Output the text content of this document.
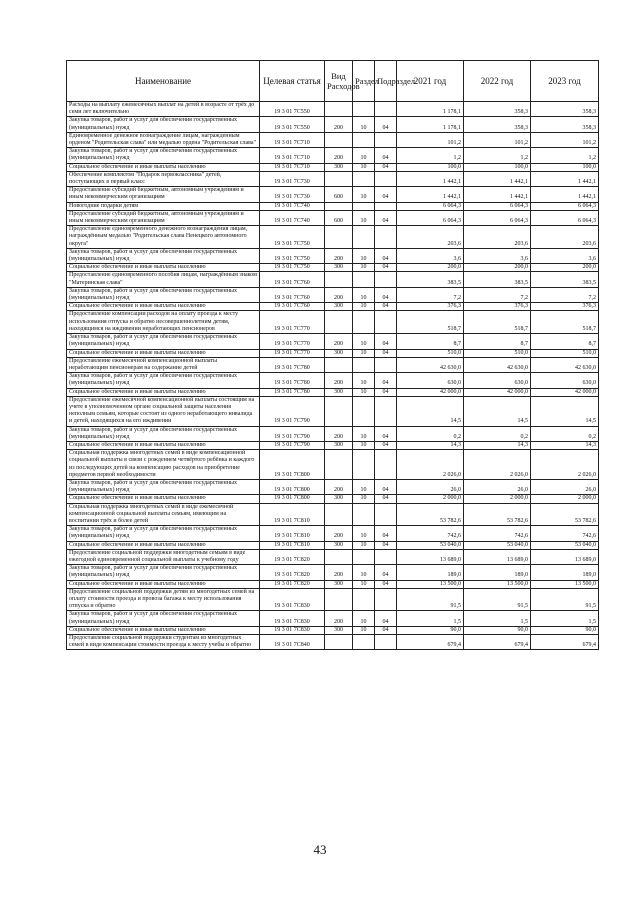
Наименование	Целевая статья	Вид Расходов	Раздел	Подраздел	2021 год	2022 год	2023 год
Расходы на выплату ежемесячных выплат на детей в возрасте от трёх до семи лет включительно	19 3 01 7С550				1 178,1	358,3	358,3
Закупка товаров, работ и услуг для обеспечения государственных (муниципальных) нужд	19 3 01 7С550	200	10	04	1 178,1	358,3	358,3
Единовременное денежное вознаграждение лицам, награжденным орденом "Родительская слава" или медалью ордена "Родительская слава"	19 3 01 7С710				101,2	101,2	101,2
Закупка товаров, работ и услуг для обеспечения государственных (муниципальных) нужд	19 3 01 7С710	200	10	04	1,2	1,2	1,2
Социальное обеспечение и иные выплаты населению	19 3 01 7С710	300	10	04	100,0	100,0	100,0
Обеспечение комплектом "Подарок первоклассника" детей, поступающих в первый класс	19 3 01 7С730				1 442,1	1 442,1	1 442,1
Предоставление субсидий бюджетным, автономным учреждениям и иным некоммерческим организациям	19 3 01 7С730	600	10	04	1 442,1	1 442,1	1 442,1
Новогодние подарки детям	19 3 01 7С740				6 064,3	6 064,3	6 064,3
Предоставление субсидий бюджетным, автономным учреждениям и иным некоммерческим организациям	19 3 01 7С740	600	10	04	6 064,3	6 064,3	6 064,3
Предоставление единовременного денежного вознаграждения лицам, награждённым медалью "Родительская слава Ненецкого автономного округа"	19 3 01 7С750				203,6	203,6	203,6
Закупка товаров, работ и услуг для обеспечения государственных (муниципальных) нужд	19 3 01 7С750	200	10	04	3,6	3,6	3,6
Социальное обеспечение и иные выплаты населению	19 3 01 7С750	300	10	04	200,0	200,0	200,0
Предоставление единовременного пособия лицам, награждённым знаком "Материнская слава"	19 3 01 7С760				383,5	383,5	383,5
Закупка товаров, работ и услуг для обеспечения государственных (муниципальных) нужд	19 3 01 7С760	200	10	04	7,2	7,2	7,2
Социальное обеспечение и иные выплаты населению	19 3 01 7С760	300	10	04	376,3	376,3	376,3
Предоставление компенсации расходов на оплату проезда к месту использования отпуска и обратно несовершеннолетним детям, находящимся на иждивении неработающих пенсионеров	19 3 01 7С770				518,7	518,7	518,7
Закупка товаров, работ и услуг для обеспечения государственных (муниципальных) нужд	19 3 01 7С770	200	10	04	8,7	8,7	8,7
Социальное обеспечение и иные выплаты населению	19 3 01 7С770	300	10	04	510,0	510,0	510,0
Предоставление ежемесячной компенсационной выплаты неработающим пенсионерам на содержание детей	19 3 01 7С780				42 630,0	42 630,0	42 630,0
Закупка товаров, работ и услуг для обеспечения государственных (муниципальных) нужд	19 3 01 7С780	200	10	04	630,0	630,0	630,0
Социальное обеспечение и иные выплаты населению	19 3 01 7С780	300	10	04	42 000,0	42 000,0	42 000,0
Предоставление ежемесячной компенсационной выплаты состоящим на учете в уполномоченном органе социальной защиты населения неполным семьям, которые состоят из одного неработающего инвалида и детей, находящихся на его иждивении	19 3 01 7С790				14,5	14,5	14,5
Закупка товаров, работ и услуг для обеспечения государственных (муниципальных) нужд	19 3 01 7С790	200	10	04	0,2	0,2	0,2
Социальное обеспечение и иные выплаты населению	19 3 01 7С790	300	10	04	14,3	14,3	14,3
Социальная поддержка многодетных семей в виде компенсационной социальной выплаты в связи с рождением четвёртого ребёнка и каждого из последующих детей на компенсацию расходов на приобретение предметов первой необходимости	19 3 01 7С800				2 026,0	2 026,0	2 026,0
Закупка товаров, работ и услуг для обеспечения государственных (муниципальных) нужд	19 3 01 7С800	200	10	04	26,0	26,0	26,0
Социальное обеспечение и иные выплаты населению	19 3 01 7С800	300	10	04	2 000,0	2 000,0	2 000,0
Социальная поддержка многодетных семей в виде ежемесячной компенсационной социальной выплаты семьям, имеющим на воспитании трёх и более детей	19 3 01 7С810				53 782,6	53 782,6	53 782,6
Закупка товаров, работ и услуг для обеспечения государственных (муниципальных) нужд	19 3 01 7С810	200	10	04	742,6	742,6	742,6
Социальное обеспечение и иные выплаты населению	19 3 01 7С810	300	10	04	53 040,0	53 040,0	53 040,0
Предоставление социальной поддержки многодетным семьям в виде ежегодной единовременной социальной выплаты к учебному году	19 3 01 7С820				13 689,0	13 689,0	13 689,0
Закупка товаров, работ и услуг для обеспечения государственных (муниципальных) нужд	19 3 01 7С820	200	10	04	189,0	189,0	189,0
Социальное обеспечение и иные выплаты населению	19 3 01 7С820	300	10	04	13 500,0	13 500,0	13 500,0
Предоставление социальной поддержки детям из многодетных семей на оплату стоимости проезда и провоза багажа к месту использования отпуска и обратно	19 3 01 7С830				91,5	91,5	91,5
Закупка товаров, работ и услуг для обеспечения государственных (муниципальных) нужд	19 3 01 7С830	200	10	04	1,5	1,5	1,5
Социальное обеспечение и иные выплаты населению	19 3 01 7С830	300	10	04	90,0	90,0	90,0
Предоставление социальной поддержки студентам из многодетных семей в виде компенсации стоимости проезда к месту учебы и обратно	19 3 01 7С840				679,4	679,4	679,4
43
